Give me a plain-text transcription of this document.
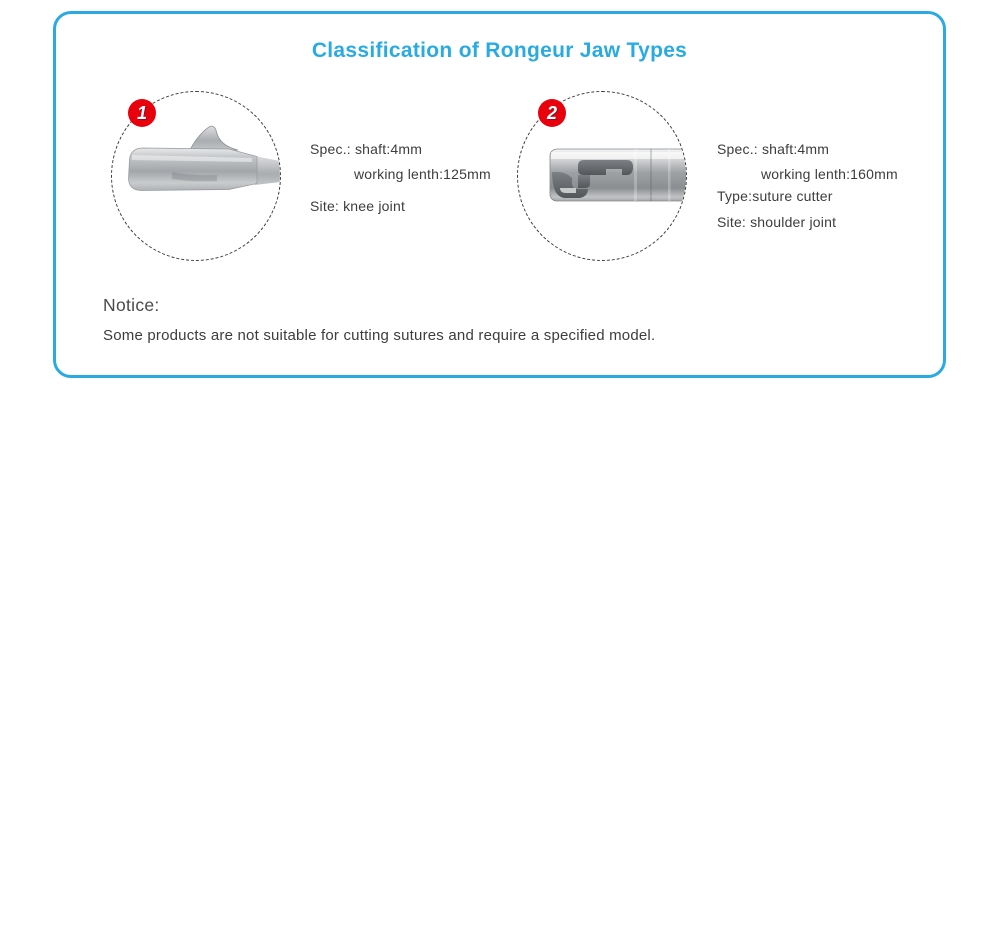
Classification of Rongeur Jaw Types
1
Spec.: shaft:4mm
working lenth:125mm
Site: knee joint
2
Spec.: shaft:4mm
working lenth:160mm
Type:suture cutter
Site: shoulder joint
Notice:
Some products are not suitable for cutting sutures and require a specified model.
